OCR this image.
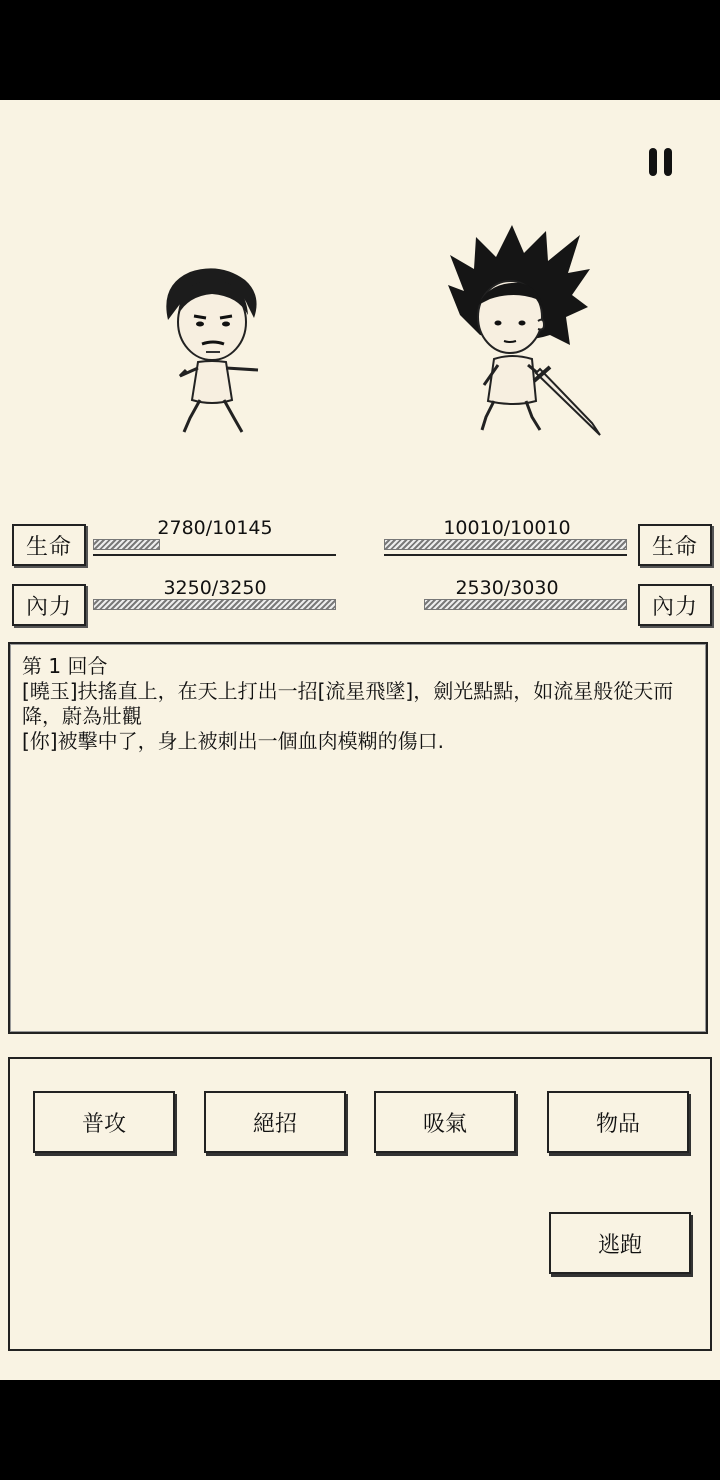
生命
2780/10145
內力
3250/3250
生命
10010/10010
內力
2530/3030
第 1 回合
[曉玉]扶搖直上，在天上打出一招[流星飛墜]，劍光點點，如流星般從天而降，蔚為壯觀
[你]被擊中了，身上被刺出一個血肉模糊的傷口.
普攻	絕招	吸氣	物品
逃跑
